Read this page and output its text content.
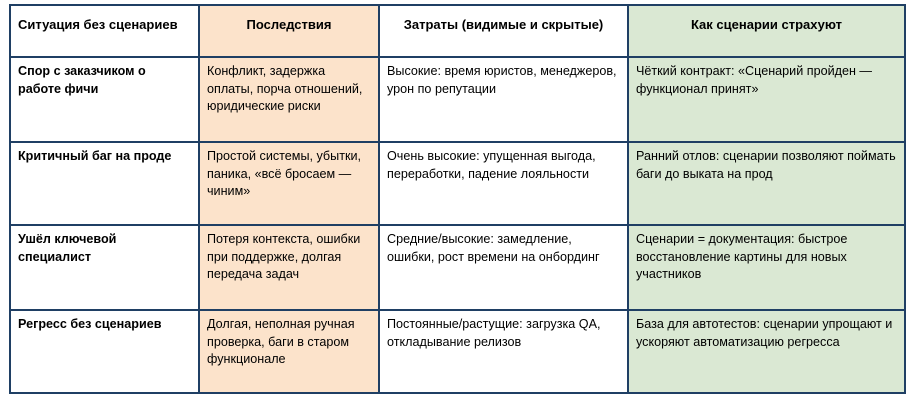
Ситуация без сценариев	Последствия	Затраты (видимые и скрытые)	Как сценарии страхуют
Спор с заказчиком о работе фичи	Конфликт, задержка оплаты, порча отношений, юридические риски	Высокие: время юристов, менеджеров, урон по репутации	Чёткий контракт: «Сценарий пройден — функционал принят»
Критичный баг на проде	Простой системы, убытки, паника, «всё бросаем — чиним»	Очень высокие: упущенная выгода, переработки, падение лояльности	Ранний отлов: сценарии позволяют поймать баги до выката на прод
Ушёл ключевой специалист	Потеря контекста, ошибки при поддержке, долгая передача задач	Средние/высокие: замедление, ошибки, рост времени на онбординг	Сценарии = документация: быстрое восстановление картины для новых участников
Регресс без сценариев	Долгая, неполная ручная проверка, баги в старом функционале	Постоянные/растущие: загрузка QA, откладывание релизов	База для автотестов: сценарии упрощают и ускоряют автоматизацию регресса
